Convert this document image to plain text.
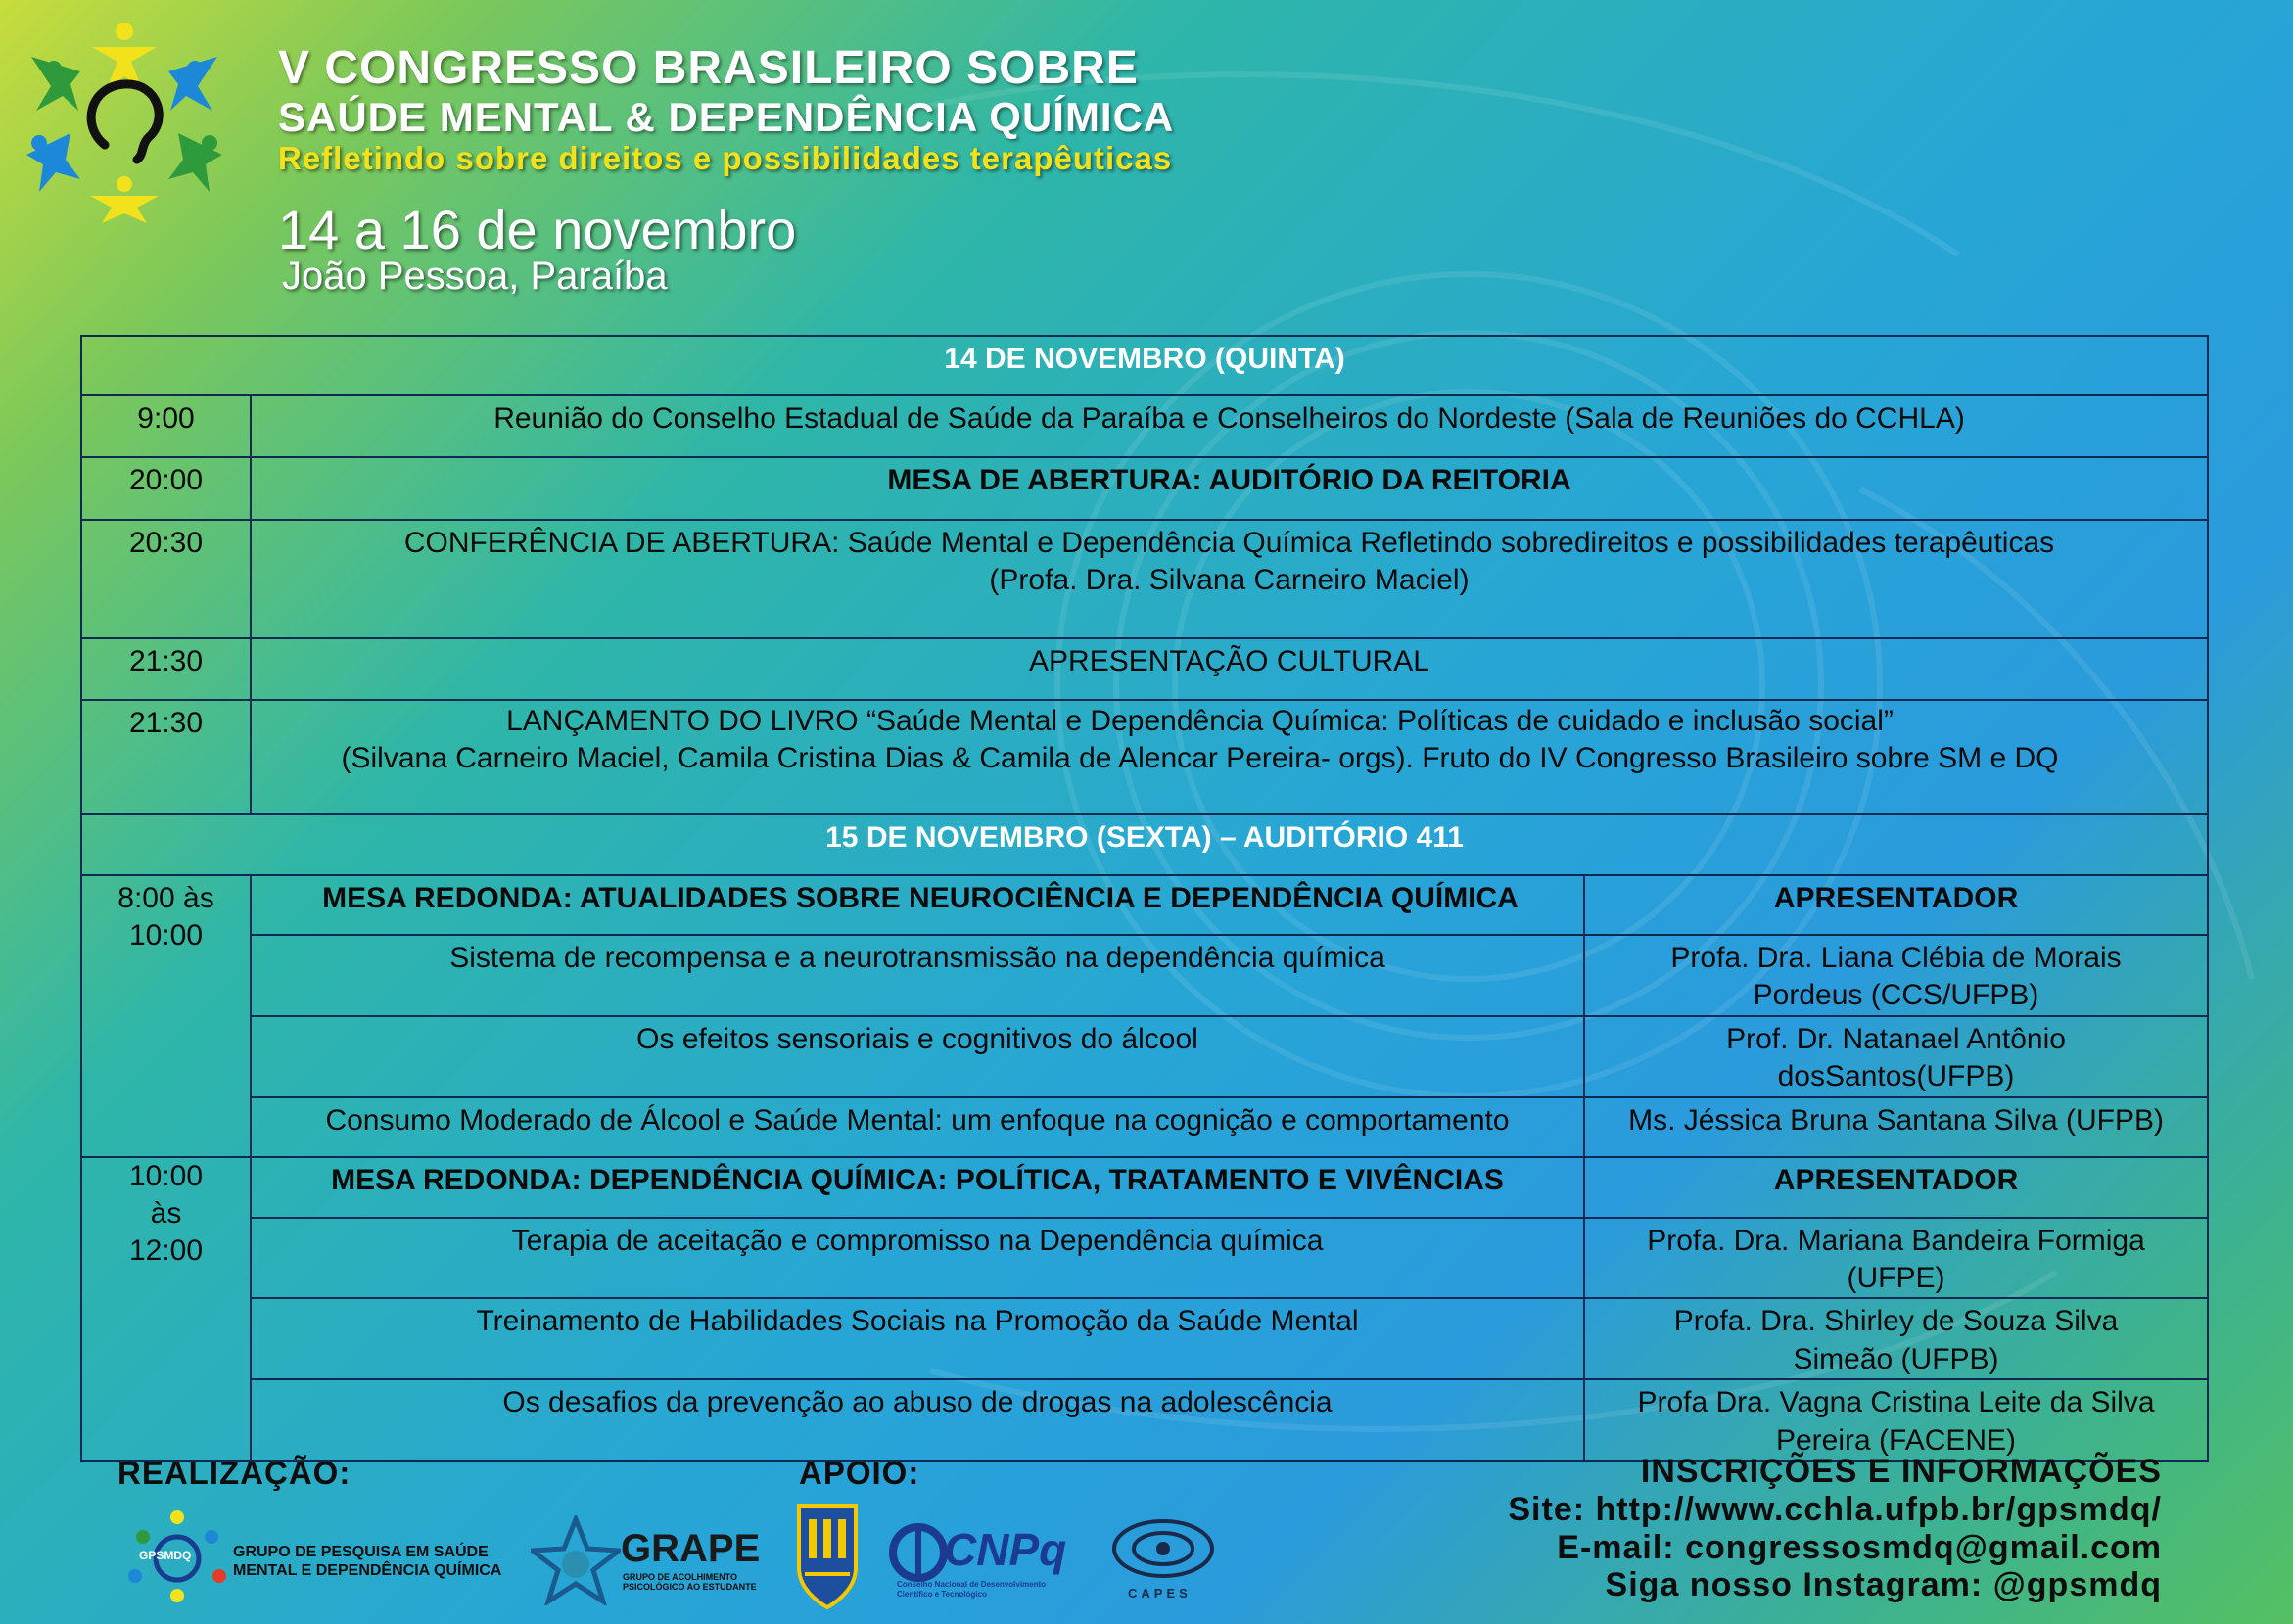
V CONGRESSO BRASILEIRO SOBRE
SAÚDE MENTAL & DEPENDÊNCIA QUÍMICA
Refletindo sobre direitos e possibilidades terapêuticas
14 a 16 de novembro
João Pessoa, Paraíba
14 DE NOVEMBRO (QUINTA)		
9:00	Reunião do Conselho Estadual de Saúde da Paraíba e Conselheiros do Nordeste (Sala de Reuniões do CCHLA)	
20:00	MESA DE ABERTURA: AUDITÓRIO DA REITORIA	
20:30	CONFERÊNCIA DE ABERTURA: Saúde Mental e Dependência Química Refletindo sobredireitos e possibilidades terapêuticas
(Profa. Dra. Silvana Carneiro Maciel)	

21:30	APRESENTAÇÃO CULTURAL	
21:30	LANÇAMENTO DO LIVRO “Saúde Mental e Dependência Química: Políticas de cuidado e inclusão social”
(Silvana Carneiro Maciel, Camila Cristina Dias & Camila de Alencar Pereira- orgs). Fruto do IV Congresso Brasileiro sobre SM e DQ	

15 DE NOVEMBRO (SEXTA) – AUDITÓRIO 411		
8:00 às 10:00	MESA REDONDA: ATUALIDADES SOBRE NEUROCIÊNCIA E DEPENDÊNCIA QUÍMICA	APRESENTADOR
	Sistema de recompensa e a neurotransmissão na dependência química	Profa. Dra. Liana Clébia de Morais Pordeus (CCS/UFPB)
	Os efeitos sensoriais e cognitivos do álcool	Prof. Dr. Natanael Antônio dosSantos(UFPB)
	Consumo Moderado de Álcool e Saúde Mental: um enfoque na cognição e comportamento	Ms. Jéssica Bruna Santana Silva (UFPB)
10:00 às 12:00	MESA REDONDA: DEPENDÊNCIA QUÍMICA: POLÍTICA, TRATAMENTO E VIVÊNCIAS	APRESENTADOR
	Terapia de aceitação e compromisso na Dependência química	Profa. Dra. Mariana Bandeira Formiga (UFPE)
	Treinamento de Habilidades Sociais na Promoção da Saúde Mental	Profa. Dra. Shirley de Souza Silva Simeão (UFPB)
	Os desafios da prevenção ao abuso de drogas na adolescência	Profa Dra. Vagna Cristina Leite da Silva Pereira (FACENE)
REALIZAÇÃO:
GPSMDQ	GRUPO DE PESQUISA EM SAÚDE
MENTAL E DEPENDÊNCIA QUÍMICA
GRAPE
GRUPO DE ACOLHIMENTO
PSICOLÓGICO AO ESTUDANTE
APOIO:
CNPq
Conselho Nacional de Desenvolvimento
Científico e Tecnológico	CAPES
INSCRIÇÕES E INFORMAÇÕES
Site: http://www.cchla.ufpb.br/gpsmdq/
E-mail: congressosmdq@gmail.com
Siga nosso Instagram: @gpsmdq
